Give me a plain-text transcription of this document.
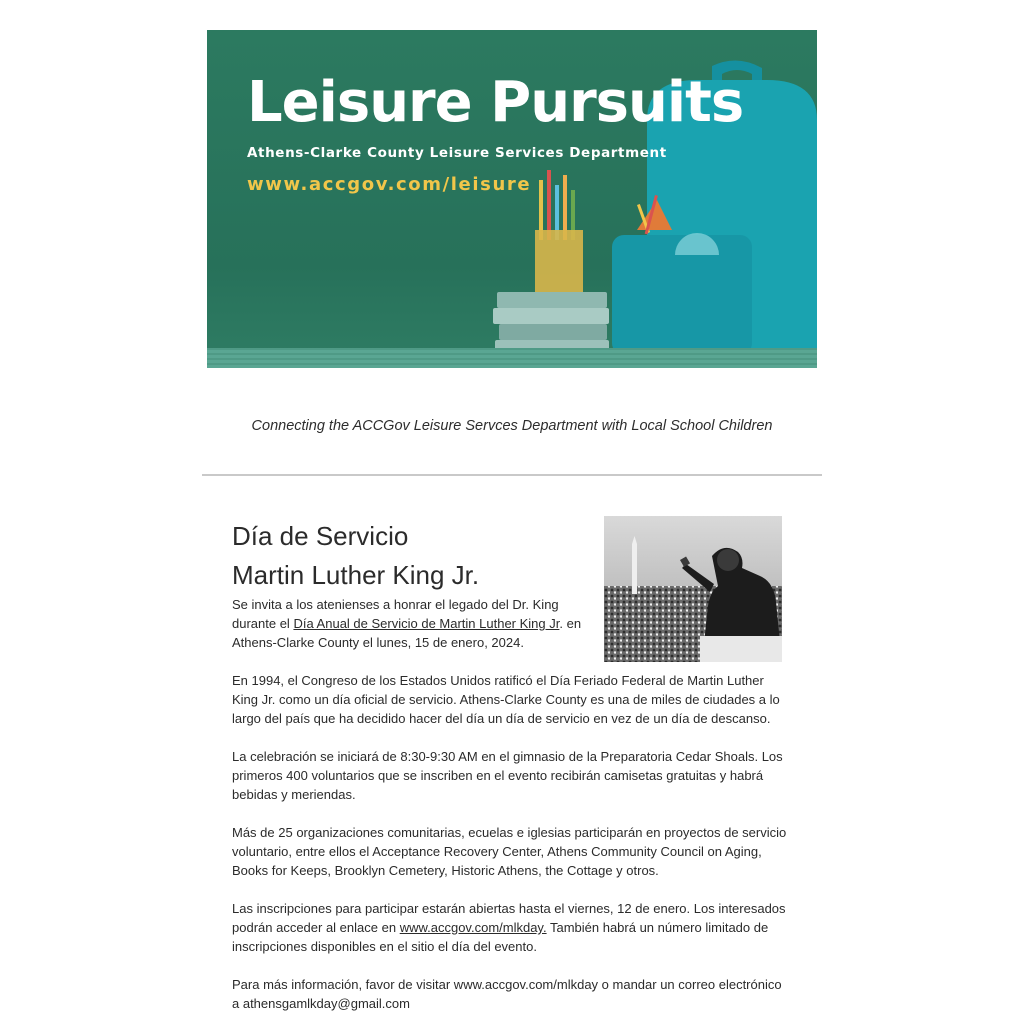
Leisure Pursuits
Athens-Clarke County Leisure Services Department
www.accgov.com/leisure
Connecting the ACCGov Leisure Servces Department with Local School Children
Día de Servicio
Martin Luther King Jr.

Se invita a los atenienses a honrar el legado del Dr. King durante el Día Anual de Servicio de Martin Luther King Jr. en Athens-Clarke County el lunes, 15 de enero, 2024.

En 1994, el Congreso de los Estados Unidos ratificó el Día Feriado Federal de Martin Luther King Jr. como un día oficial de servicio. Athens-Clarke County es una de miles de ciudades a lo largo del país que ha decidido hacer del día un día de servicio en vez de un día de descanso.

La celebración se iniciará de 8:30-9:30 AM en el gimnasio de la Preparatoria Cedar Shoals. Los primeros 400 voluntarios que se inscriben en el evento recibirán camisetas gratuitas y habrá bebidas y meriendas.

Más de 25 organizaciones comunitarias, ecuelas e iglesias participarán en proyectos de servicio voluntario, entre ellos el Acceptance Recovery Center, Athens Community Council on Aging, Books for Keeps, Brooklyn Cemetery, Historic Athens, the Cottage y otros.

Las inscripciones para participar estarán abiertas hasta el viernes, 12 de enero. Los interesados podrán acceder al enlace en www.accgov.com/mlkday. También habrá un número limitado de inscripciones disponibles en el sitio el día del evento.

Para más información, favor de visitar www.accgov.com/mlkday o mandar un correo electrónico a athensgamlkday@gmail.com
